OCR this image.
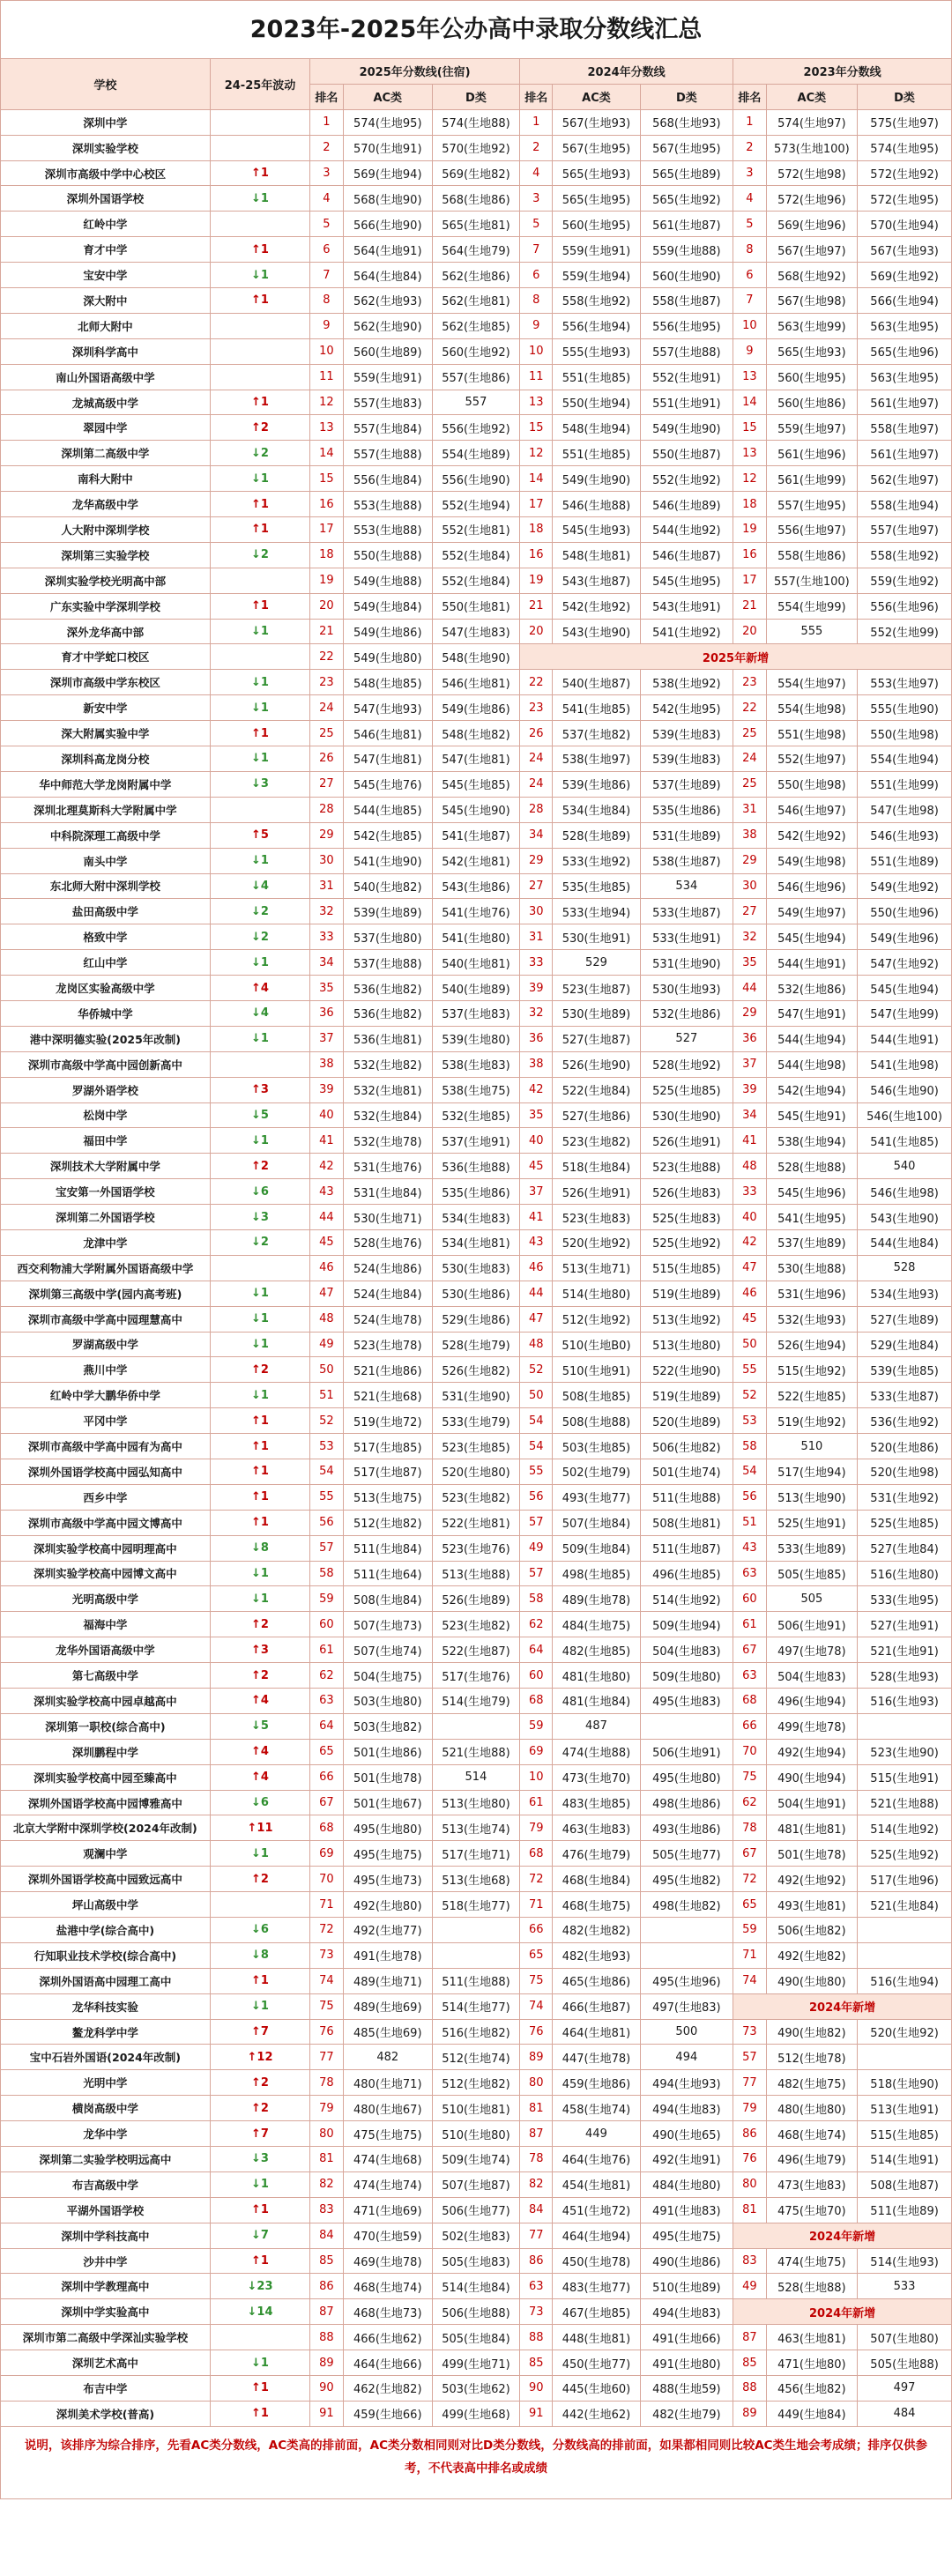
2023年-2025年公办高中录取分数线汇总
学校	24-25年波动	2025年分数线(往宿)			2024年分数线			2023年分数线		
		排名	AC类	D类	排名	AC类	D类	排名	AC类	D类
深圳中学		1	574(生地95)	574(生地88)	1	567(生地93)	568(生地93)	1	574(生地97)	575(生地97)
深圳实验学校		2	570(生地91)	570(生地92)	2	567(生地95)	567(生地95)	2	573(生地100)	574(生地95)
深圳市高级中学中心校区	↑1	3	569(生地94)	569(生地82)	4	565(生地93)	565(生地89)	3	572(生地98)	572(生地92)
深圳外国语学校	↓1	4	568(生地90)	568(生地86)	3	565(生地95)	565(生地92)	4	572(生地96)	572(生地95)
红岭中学		5	566(生地90)	565(生地81)	5	560(生地95)	561(生地87)	5	569(生地96)	570(生地94)
育才中学	↑1	6	564(生地91)	564(生地79)	7	559(生地91)	559(生地88)	8	567(生地97)	567(生地93)
宝安中学	↓1	7	564(生地84)	562(生地86)	6	559(生地94)	560(生地90)	6	568(生地92)	569(生地92)
深大附中	↑1	8	562(生地93)	562(生地81)	8	558(生地92)	558(生地87)	7	567(生地98)	566(生地94)
北师大附中		9	562(生地90)	562(生地85)	9	556(生地94)	556(生地95)	10	563(生地99)	563(生地95)
深圳科学高中		10	560(生地89)	560(生地92)	10	555(生地93)	557(生地88)	9	565(生地93)	565(生地96)
南山外国语高级中学		11	559(生地91)	557(生地86)	11	551(生地85)	552(生地91)	13	560(生地95)	563(生地95)
龙城高级中学	↑1	12	557(生地83)	557	13	550(生地94)	551(生地91)	14	560(生地86)	561(生地97)
翠园中学	↑2	13	557(生地84)	556(生地92)	15	548(生地94)	549(生地90)	15	559(生地97)	558(生地97)
深圳第二高级中学	↓2	14	557(生地88)	554(生地89)	12	551(生地85)	550(生地87)	13	561(生地96)	561(生地97)
南科大附中	↓1	15	556(生地84)	556(生地90)	14	549(生地90)	552(生地92)	12	561(生地99)	562(生地97)
龙华高级中学	↑1	16	553(生地88)	552(生地94)	17	546(生地88)	546(生地89)	18	557(生地95)	558(生地94)
人大附中深圳学校	↑1	17	553(生地88)	552(生地81)	18	545(生地93)	544(生地92)	19	556(生地97)	557(生地97)
深圳第三实验学校	↓2	18	550(生地88)	552(生地84)	16	548(生地81)	546(生地87)	16	558(生地86)	558(生地92)
深圳实验学校光明高中部		19	549(生地88)	552(生地84)	19	543(生地87)	545(生地95)	17	557(生地100)	559(生地92)
广东实验中学深圳学校	↑1	20	549(生地84)	550(生地81)	21	542(生地92)	543(生地91)	21	554(生地99)	556(生地96)
深外龙华高中部	↓1	21	549(生地86)	547(生地83)	20	543(生地90)	541(生地92)	20	555	552(生地99)
育才中学蛇口校区		22	549(生地80)	548(生地90)	2025年新增					
深圳市高级中学东校区	↓1	23	548(生地85)	546(生地81)	22	540(生地87)	538(生地92)	23	554(生地97)	553(生地97)
新安中学	↓1	24	547(生地93)	549(生地86)	23	541(生地85)	542(生地95)	22	554(生地98)	555(生地90)
深大附属实验中学	↑1	25	546(生地81)	548(生地82)	26	537(生地82)	539(生地83)	25	551(生地98)	550(生地98)
深圳科高龙岗分校	↓1	26	547(生地81)	547(生地81)	24	538(生地97)	539(生地83)	24	552(生地97)	554(生地94)
华中师范大学龙岗附属中学	↓3	27	545(生地76)	545(生地85)	24	539(生地86)	537(生地89)	25	550(生地98)	551(生地99)
深圳北理莫斯科大学附属中学		28	544(生地85)	545(生地90)	28	534(生地84)	535(生地86)	31	546(生地97)	547(生地98)
中科院深理工高级中学	↑5	29	542(生地85)	541(生地87)	34	528(生地89)	531(生地89)	38	542(生地92)	546(生地93)
南头中学	↓1	30	541(生地90)	542(生地81)	29	533(生地92)	538(生地87)	29	549(生地98)	551(生地89)
东北师大附中深圳学校	↓4	31	540(生地82)	543(生地86)	27	535(生地85)	534	30	546(生地96)	549(生地92)
盐田高级中学	↓2	32	539(生地89)	541(生地76)	30	533(生地94)	533(生地87)	27	549(生地97)	550(生地96)
格致中学	↓2	33	537(生地80)	541(生地80)	31	530(生地91)	533(生地91)	32	545(生地94)	549(生地96)
红山中学	↓1	34	537(生地88)	540(生地81)	33	529	531(生地90)	35	544(生地91)	547(生地92)
龙岗区实验高级中学	↑4	35	536(生地82)	540(生地89)	39	523(生地87)	530(生地93)	44	532(生地86)	545(生地94)
华侨城中学	↓4	36	536(生地82)	537(生地83)	32	530(生地89)	532(生地86)	29	547(生地91)	547(生地99)
港中深明德实验(2025年改制)	↓1	37	536(生地81)	539(生地80)	36	527(生地87)	527	36	544(生地94)	544(生地91)
深圳市高级中学高中园创新高中		38	532(生地82)	538(生地83)	38	526(生地90)	528(生地92)	37	544(生地98)	541(生地98)
罗湖外语学校	↑3	39	532(生地81)	538(生地75)	42	522(生地84)	525(生地85)	39	542(生地94)	546(生地90)
松岗中学	↓5	40	532(生地84)	532(生地85)	35	527(生地86)	530(生地90)	34	545(生地91)	546(生地100)
福田中学	↓1	41	532(生地78)	537(生地91)	40	523(生地82)	526(生地91)	41	538(生地94)	541(生地85)
深圳技术大学附属中学	↑2	42	531(生地76)	536(生地88)	45	518(生地84)	523(生地88)	48	528(生地88)	540
宝安第一外国语学校	↓6	43	531(生地84)	535(生地86)	37	526(生地91)	526(生地83)	33	545(生地96)	546(生地98)
深圳第二外国语学校	↓3	44	530(生地71)	534(生地83)	41	523(生地83)	525(生地83)	40	541(生地95)	543(生地90)
龙津中学	↓2	45	528(生地76)	534(生地81)	43	520(生地92)	525(生地92)	42	537(生地89)	544(生地84)
西交利物浦大学附属外国语高级中学		46	524(生地86)	530(生地83)	46	513(生地71)	515(生地85)	47	530(生地88)	528
深圳第三高级中学(园内高考班)	↓1	47	524(生地84)	530(生地86)	44	514(生地80)	519(生地89)	46	531(生地96)	534(生地93)
深圳市高级中学高中园理慧高中	↓1	48	524(生地78)	529(生地86)	47	512(生地92)	513(生地92)	45	532(生地93)	527(生地89)
罗湖高级中学	↓1	49	523(生地78)	528(生地79)	48	510(生地B0)	513(生地80)	50	526(生地94)	529(生地84)
燕川中学	↑2	50	521(生地86)	526(生地82)	52	510(生地91)	522(生地90)	55	515(生地92)	539(生地85)
红岭中学大鹏华侨中学	↓1	51	521(生地68)	531(生地90)	50	508(生地85)	519(生地89)	52	522(生地85)	533(生地87)
平冈中学	↑1	52	519(生地72)	533(生地79)	54	508(生地88)	520(生地89)	53	519(生地92)	536(生地92)
深圳市高级中学高中园有为高中	↑1	53	517(生地85)	523(生地85)	54	503(生地85)	506(生地82)	58	510	520(生地86)
深圳外国语学校高中园弘知高中	↑1	54	517(生地87)	520(生地80)	55	502(生地79)	501(生地74)	54	517(生地94)	520(生地98)
西乡中学	↑1	55	513(生地75)	523(生地82)	56	493(生地77)	511(生地88)	56	513(生地90)	531(生地92)
深圳市高级中学高中园文博高中	↑1	56	512(生地82)	522(生地81)	57	507(生地84)	508(生地81)	51	525(生地91)	525(生地85)
深圳实验学校高中园明理高中	↓8	57	511(生地84)	523(生地76)	49	509(生地84)	511(生地87)	43	533(生地89)	527(生地84)
深圳实验学校高中园博文高中	↓1	58	511(生地64)	513(生地88)	57	498(生地85)	496(生地85)	63	505(生地85)	516(生地80)
光明高级中学	↓1	59	508(生地84)	526(生地89)	58	489(生地78)	514(生地92)	60	505	533(生地95)
福海中学	↑2	60	507(生地73)	523(生地82)	62	484(生地75)	509(生地94)	61	506(生地91)	527(生地91)
龙华外国语高级中学	↑3	61	507(生地74)	522(生地87)	64	482(生地85)	504(生地83)	67	497(生地78)	521(生地91)
第七高级中学	↑2	62	504(生地75)	517(生地76)	60	481(生地80)	509(生地80)	63	504(生地83)	528(生地93)
深圳实验学校高中园卓越高中	↑4	63	503(生地80)	514(生地79)	68	481(生地84)	495(生地83)	68	496(生地94)	516(生地93)
深圳第一职校(综合高中)	↓5	64	503(生地82)		59	487		66	499(生地78)	
深圳鹏程中学	↑4	65	501(生地86)	521(生地88)	69	474(生地88)	506(生地91)	70	492(生地94)	523(生地90)
深圳实验学校高中园至臻高中	↑4	66	501(生地78)	514	10	473(生地70)	495(生地80)	75	490(生地94)	515(生地91)
深圳外国语学校高中园博雅高中	↓6	67	501(生地67)	513(生地80)	61	483(生地85)	498(生地86)	62	504(生地91)	521(生地88)
北京大学附中深圳学校(2024年改制)	↑11	68	495(生地80)	513(生地74)	79	463(生地83)	493(生地86)	78	481(生地81)	514(生地92)
观澜中学	↓1	69	495(生地75)	517(生地71)	68	476(生地79)	505(生地77)	67	501(生地78)	525(生地92)
深圳外国语学校高中园致远高中	↑2	70	495(生地73)	513(生地68)	72	468(生地84)	495(生地82)	72	492(生地92)	517(生地96)
坪山高级中学		71	492(生地80)	518(生地77)	71	468(生地75)	498(生地82)	65	493(生地81)	521(生地84)
盐港中学(综合高中)	↓6	72	492(生地77)		66	482(生地82)		59	506(生地82)	
行知职业技术学校(综合高中)	↓8	73	491(生地78)		65	482(生地93)		71	492(生地82)	
深圳外国语高中园理工高中	↑1	74	489(生地71)	511(生地88)	75	465(生地86)	495(生地96)	74	490(生地80)	516(生地94)
龙华科技实验	↓1	75	489(生地69)	514(生地77)	74	466(生地87)	497(生地83)	2024年新增		
鳌龙科学中学	↑7	76	485(生地69)	516(生地82)	76	464(生地81)	500	73	490(生地82)	520(生地92)
宝中石岩外国语(2024年改制)	↑12	77	482	512(生地74)	89	447(生地78)	494	57	512(生地78)	
光明中学	↑2	78	480(生地71)	512(生地82)	80	459(生地86)	494(生地93)	77	482(生地75)	518(生地90)
横岗高级中学	↑2	79	480(生地67)	510(生地81)	81	458(生地74)	494(生地83)	79	480(生地80)	513(生地91)
龙华中学	↑7	80	475(生地75)	510(生地80)	87	449	490(生地65)	86	468(生地74)	515(生地85)
深圳第二实验学校明远高中	↓3	81	474(生地68)	509(生地74)	78	464(生地76)	492(生地91)	76	496(生地79)	514(生地91)
布吉高级中学	↓1	82	474(生地74)	507(生地87)	82	454(生地81)	484(生地80)	80	473(生地83)	508(生地87)
平湖外国语学校	↑1	83	471(生地69)	506(生地77)	84	451(生地72)	491(生地83)	81	475(生地70)	511(生地89)
深圳中学科技高中	↓7	84	470(生地59)	502(生地83)	77	464(生地94)	495(生地75)	2024年新增		
沙井中学	↑1	85	469(生地78)	505(生地83)	86	450(生地78)	490(生地86)	83	474(生地75)	514(生地93)
深圳中学教理高中	↓23	86	468(生地74)	514(生地84)	63	483(生地77)	510(生地89)	49	528(生地88)	533
深圳中学实验高中	↓14	87	468(生地73)	506(生地88)	73	467(生地85)	494(生地83)	2024年新增		
深圳市第二高级中学深汕实验学校		88	466(生地62)	505(生地84)	88	448(生地81)	491(生地66)	87	463(生地81)	507(生地80)
深圳艺术高中	↓1	89	464(生地66)	499(生地71)	85	450(生地77)	491(生地80)	85	471(生地80)	505(生地88)
布吉中学	↑1	90	462(生地82)	503(生地62)	90	445(生地60)	488(生地59)	88	456(生地82)	497
深圳美术学校(普高)	↑1	91	459(生地66)	499(生地68)	91	442(生地62)	482(生地79)	89	449(生地84)	484
说明，该排序为综合排序，先看AC类分数线，AC类高的排前面，AC类分数相同则对比D类分数线，分数线高的排前面，如果都相同则比较AC类生地会考成绩；排序仅供参考，不代表高中排名或成绩
